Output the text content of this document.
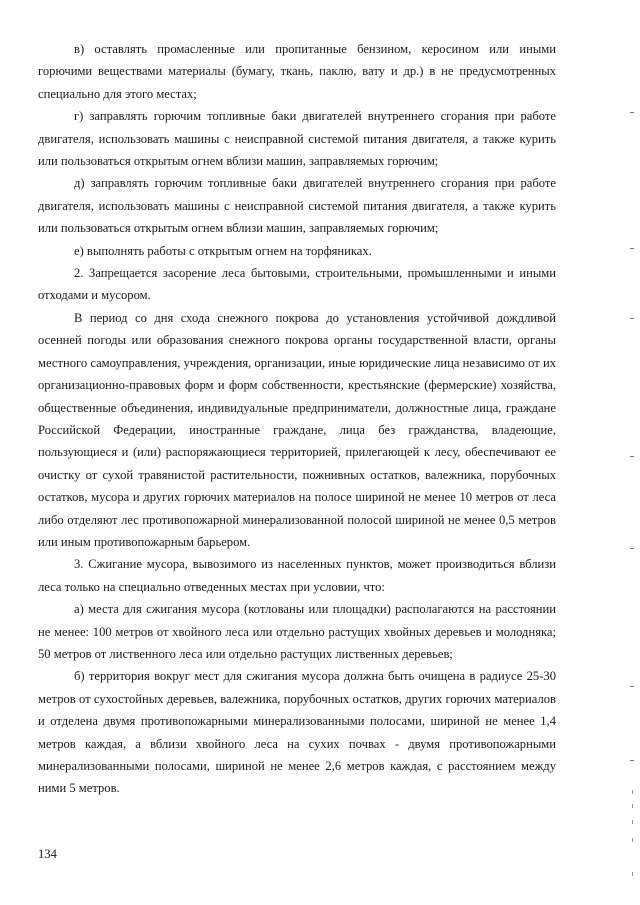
в) оставлять промасленные или пропитанные бензином, керосином или иными горючими веществами материалы (бумагу, ткань, паклю, вату и др.) в не предусмотренных специально для этого местах;

г) заправлять горючим топливные баки двигателей внутреннего сгорания при работе двигателя, использовать машины с неисправной системой питания двигателя, а также курить или пользоваться открытым огнем вблизи машин, заправляемых горючим;

д) заправлять горючим топливные баки двигателей внутреннего сгорания при работе двигателя, использовать машины с неисправной системой питания двигателя, а также курить или пользоваться открытым огнем вблизи машин, заправляемых горючим;

е) выполнять работы с открытым огнем на торфяниках.

2. Запрещается засорение леса бытовыми, строительными, промышленными и иными отходами и мусором.

В период со дня схода снежного покрова до установления устойчивой дождливой осенней погоды или образования снежного покрова органы государственной власти, органы местного самоуправления, учреждения, организации, иные юридические лица независимо от их организационно-правовых форм и форм собственности, крестьянские (фермерские) хозяйства, общественные объединения, индивидуальные предприниматели, должностные лица, граждане Российской Федерации, иностранные граждане, лица без гражданства, владеющие, пользующиеся и (или) распоряжающиеся территорией, прилегающей к лесу, обеспечивают ее очистку от сухой травянистой растительности, пожнивных остатков, валежника, порубочных остатков, мусора и других горючих материалов на полосе шириной не менее 10 метров от леса либо отделяют лес противопожарной минерализованной полосой шириной не менее 0,5 метров или иным противопожарным барьером.

3. Сжигание мусора, вывозимого из населенных пунктов, может производиться вблизи леса только на специально отведенных местах при условии, что:

а) места для сжигания мусора (котлованы или площадки) располагаются на расстоянии не менее: 100 метров от хвойного леса или отдельно растущих хвойных деревьев и молодняка; 50 метров от лиственного леса или отдельно растущих лиственных деревьев;

б) территория вокруг мест для сжигания мусора должна быть очищена в радиусе 25-30 метров от сухостойных деревьев, валежника, порубочных остатков, других горючих материалов и отделена двумя противопожарными минерализованными полосами, шириной не менее 1,4 метров каждая, а вблизи хвойного леса на сухих почвах - двумя противопожарными минерализованными полосами, шириной не менее 2,6 метров каждая, с расстоянием между ними 5 метров.

134
